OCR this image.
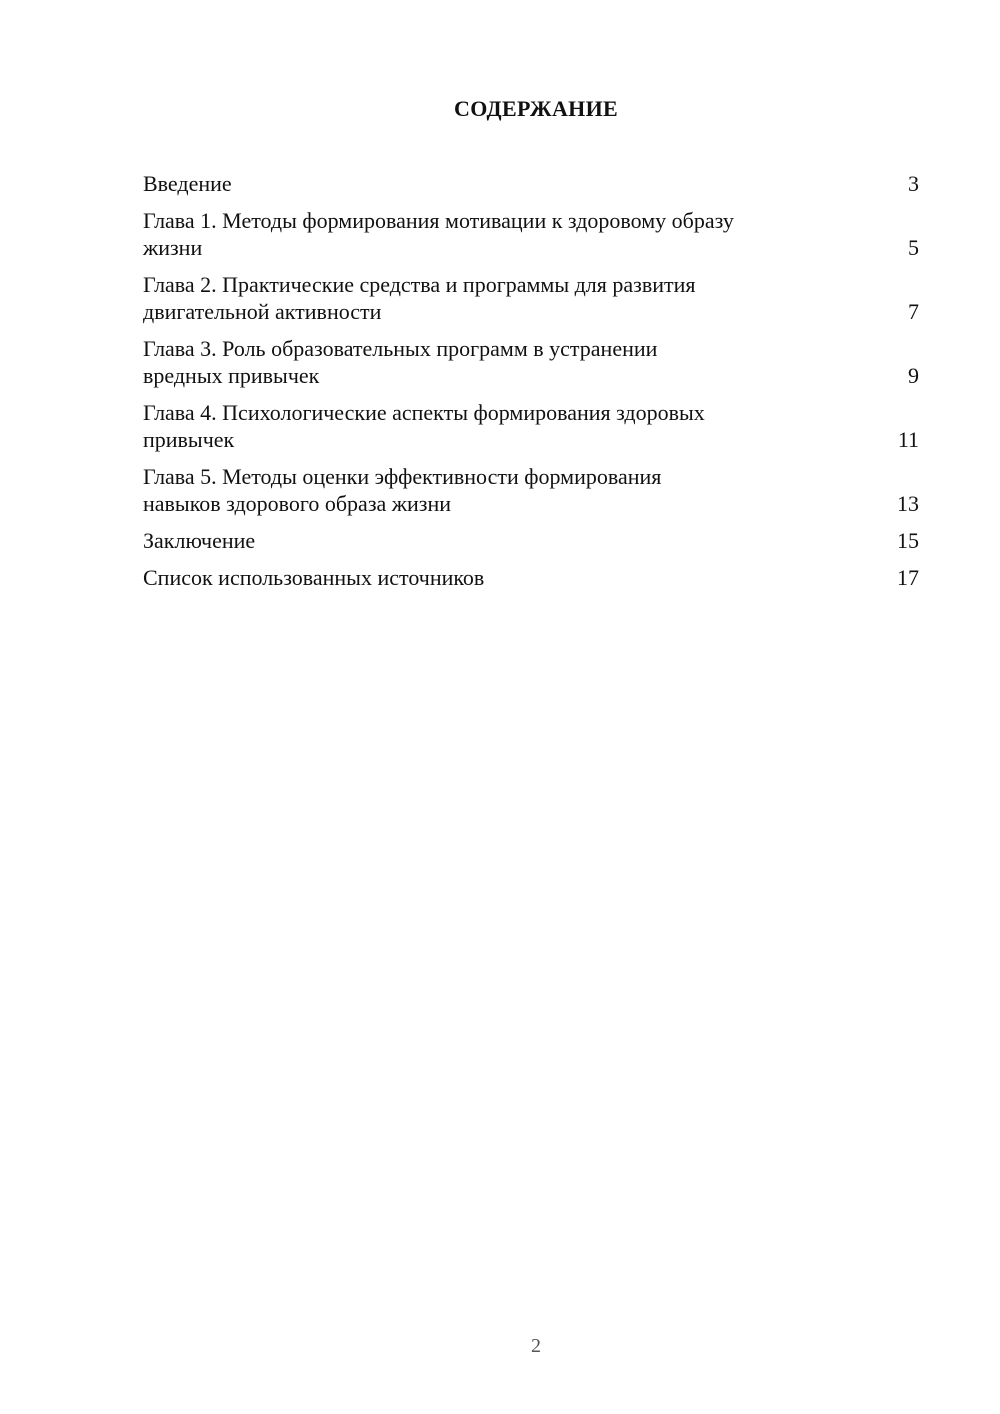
СОДЕРЖАНИЕ
Введение	3
Глава 1. Методы формирования мотивации к здоровому образу
жизни	5
Глава 2. Практические средства и программы для развития
двигательной активности	7
Глава 3. Роль образовательных программ в устранении
вредных привычек	9
Глава 4. Психологические аспекты формирования здоровых
привычек	11
Глава 5. Методы оценки эффективности формирования
навыков здорового образа жизни	13
Заключение	15
Список использованных источников	17
2
